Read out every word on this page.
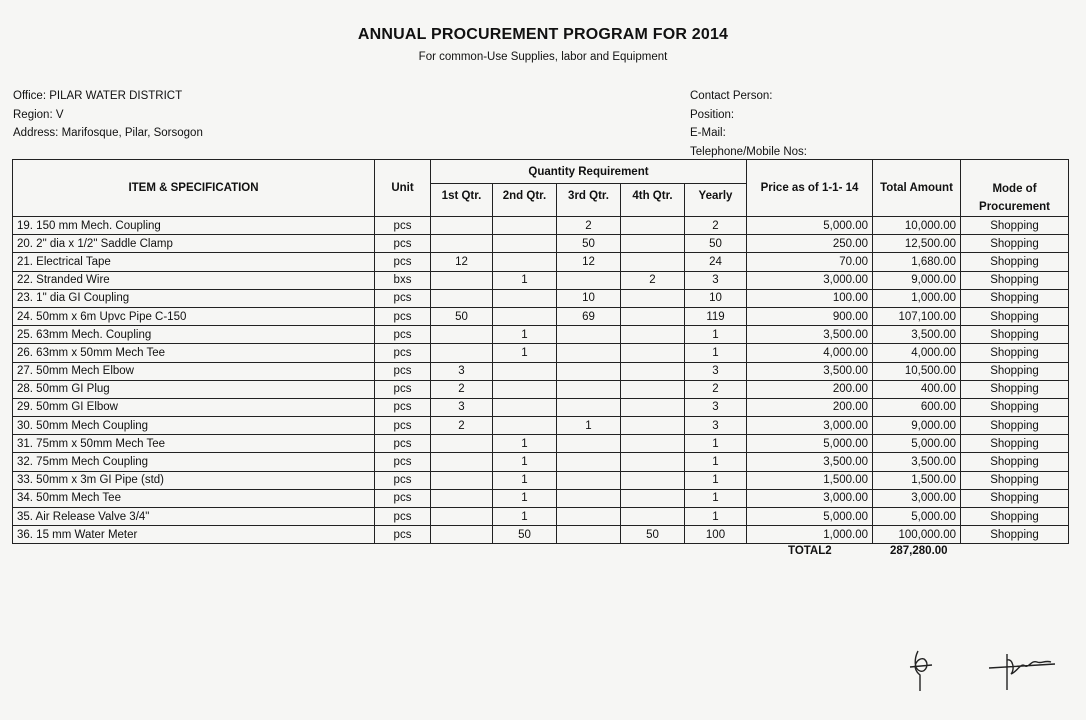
ANNUAL PROCUREMENT PROGRAM FOR 2014
For common-Use Supplies, labor and Equipment
Office: PILAR WATER DISTRICT
Region: V
Address: Marifosque, Pilar, Sorsogon
Contact Person:
Position:
E-Mail:
Telephone/Mobile Nos:
ITEM & SPECIFICATION	Unit	Quantity Requirement					Price as of 1-1- 14	Total Amount	Mode of
Procurement

		1st Qtr.	2nd Qtr.	3rd Qtr.	4th Qtr.	Yearly			
19. 150 mm Mech. Coupling	pcs			2		2	5,000.00	10,000.00	Shopping
20. 2" dia x 1/2" Saddle Clamp	pcs			50		50	250.00	12,500.00	Shopping
21. Electrical Tape	pcs	12		12		24	70.00	1,680.00	Shopping
22. Stranded Wire	bxs		1		2	3	3,000.00	9,000.00	Shopping
23. 1" dia GI Coupling	pcs			10		10	100.00	1,000.00	Shopping
24. 50mm x 6m Upvc Pipe C-150	pcs	50		69		119	900.00	107,100.00	Shopping
25. 63mm Mech. Coupling	pcs		1			1	3,500.00	3,500.00	Shopping
26. 63mm x 50mm Mech Tee	pcs		1			1	4,000.00	4,000.00	Shopping
27. 50mm Mech Elbow	pcs	3				3	3,500.00	10,500.00	Shopping
28. 50mm GI Plug	pcs	2				2	200.00	400.00	Shopping
29. 50mm GI Elbow	pcs	3				3	200.00	600.00	Shopping
30. 50mm Mech Coupling	pcs	2		1		3	3,000.00	9,000.00	Shopping
31. 75mm x 50mm Mech Tee	pcs		1			1	5,000.00	5,000.00	Shopping
32. 75mm Mech Coupling	pcs		1			1	3,500.00	3,500.00	Shopping
33. 50mm x 3m GI Pipe (std)	pcs		1			1	1,500.00	1,500.00	Shopping
34. 50mm Mech Tee	pcs		1			1	3,000.00	3,000.00	Shopping
35. Air Release Valve 3/4"	pcs		1			1	5,000.00	5,000.00	Shopping
36. 15 mm Water Meter	pcs		50		50	100	1,000.00	100,000.00	Shopping
TOTAL2	287,280.00
